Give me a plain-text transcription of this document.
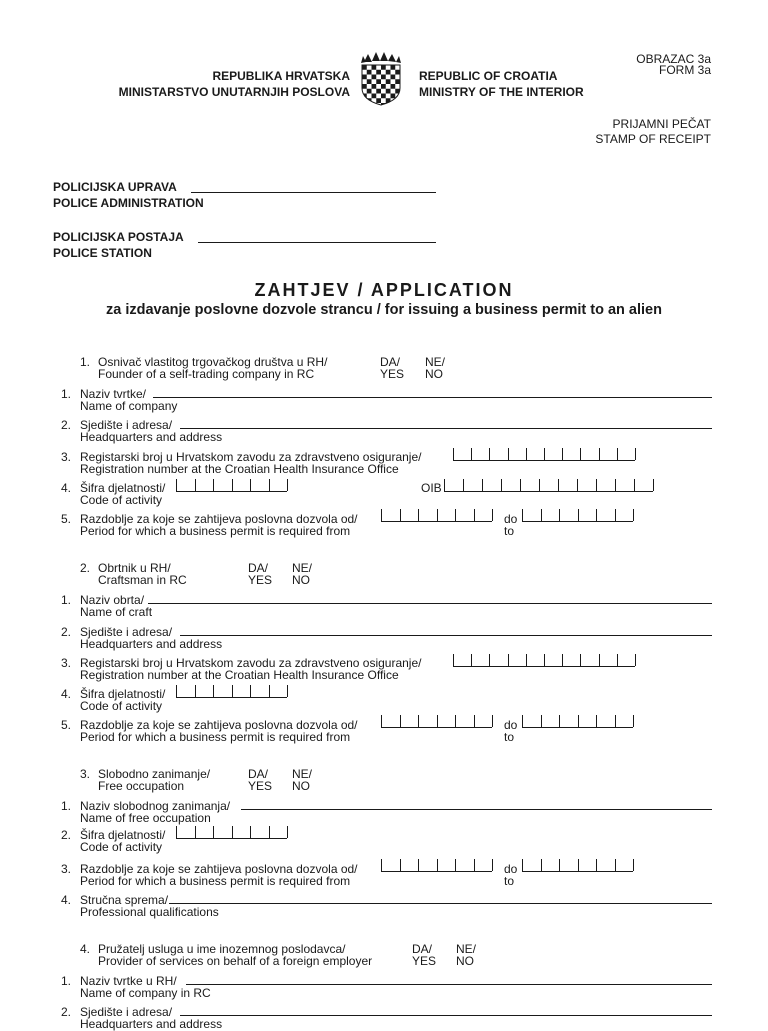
OBRAZAC 3a
FORM 3a
REPUBLIKA HRVATSKA
MINISTARSTVO UNUTARNJIH POSLOVA
REPUBLIC OF CROATIA
MINISTRY OF THE INTERIOR
PRIJAMNI PEČAT
STAMP OF RECEIPT
POLICIJSKA UPRAVA
POLICE ADMINISTRATION
POLICIJSKA POSTAJA
POLICE STATION
ZAHTJEV / APPLICATION
za izdavanje poslovne dozvole strancu / for issuing a business permit to an alien
1. Osnivač vlastitog trgovačkog društva u RH/
Founder of a self-trading company in RC
DA/
YES
NE/
NO
1. Naziv tvrtke/
Name of company
2. Sjedište i adresa/
Headquarters and address
3. Registarski broj u Hrvatskom zavodu za zdravstveno osiguranje/
Registration number at the Croatian Health Insurance Office
4. Šifra djelatnosti/
Code of activity
OIB
5. Razdoblje za koje se zahtijeva poslovna dozvola od/	do
Period for which a business permit is required from	to
2. Obrtnik u RH/
Craftsman in RC
DA/
YES
NE/
NO
1. Naziv obrta/
Name of craft
2. Sjedište i adresa/
Headquarters and address
3. Registarski broj u Hrvatskom zavodu za zdravstveno osiguranje/
Registration number at the Croatian Health Insurance Office
4. Šifra djelatnosti/
Code of activity
5. Razdoblje za koje se zahtijeva poslovna dozvola od/	do
Period for which a business permit is required from	to
3. Slobodno zanimanje/
Free occupation
DA/
YES
NE/
NO
1. Naziv slobodnog zanimanja/
Name of free occupation
2. Šifra djelatnosti/
Code of activity
3. Razdoblje za koje se zahtijeva poslovna dozvola od/	do
Period for which a business permit is required from	to
4. Stručna sprema/
Professional qualifications
4. Pružatelj usluga u ime inozemnog poslodavca/
Provider of services on behalf of a foreign employer
DA/
YES
NE/
NO
1. Naziv tvrtke u RH/
Name of company in RC
2. Sjedište i adresa/
Headquarters and address
